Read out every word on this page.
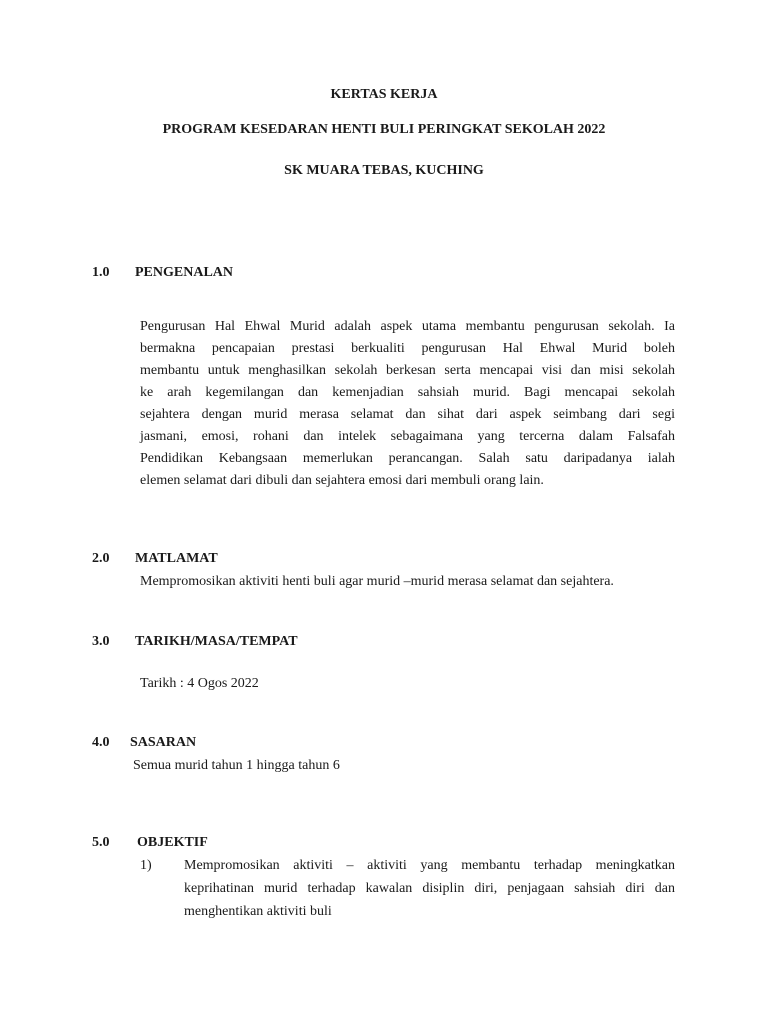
KERTAS KERJA
PROGRAM KESEDARAN HENTI BULI PERINGKAT SEKOLAH 2022
SK MUARA TEBAS, KUCHING
1.0 PENGENALAN
Pengurusan Hal Ehwal Murid adalah aspek utama membantu pengurusan sekolah. Ia
bermakna pencapaian prestasi berkualiti pengurusan Hal Ehwal Murid boleh
membantu untuk menghasilkan sekolah berkesan serta mencapai visi dan misi sekolah
ke arah kegemilangan dan kemenjadian sahsiah murid. Bagi mencapai sekolah
sejahtera dengan murid merasa selamat dan sihat dari aspek seimbang dari segi
jasmani, emosi, rohani dan intelek sebagaimana yang tercerna dalam Falsafah
Pendidikan Kebangsaan memerlukan perancangan. Salah satu daripadanya ialah
elemen selamat dari dibuli dan sejahtera emosi dari membuli orang lain.
2.0 MATLAMAT
Mempromosikan aktiviti henti buli agar murid –murid merasa selamat dan sejahtera.
3.0 TARIKH/MASA/TEMPAT
Tarikh : 4 Ogos 2022
4.0 SASARAN
Semua murid tahun 1 hingga tahun 6
5.0 OBJEKTIF
1) Mempromosikan aktiviti – aktiviti yang membantu terhadap meningkatkan
keprihatinan murid terhadap kawalan disiplin diri, penjagaan sahsiah diri dan
menghentikan aktiviti buli
